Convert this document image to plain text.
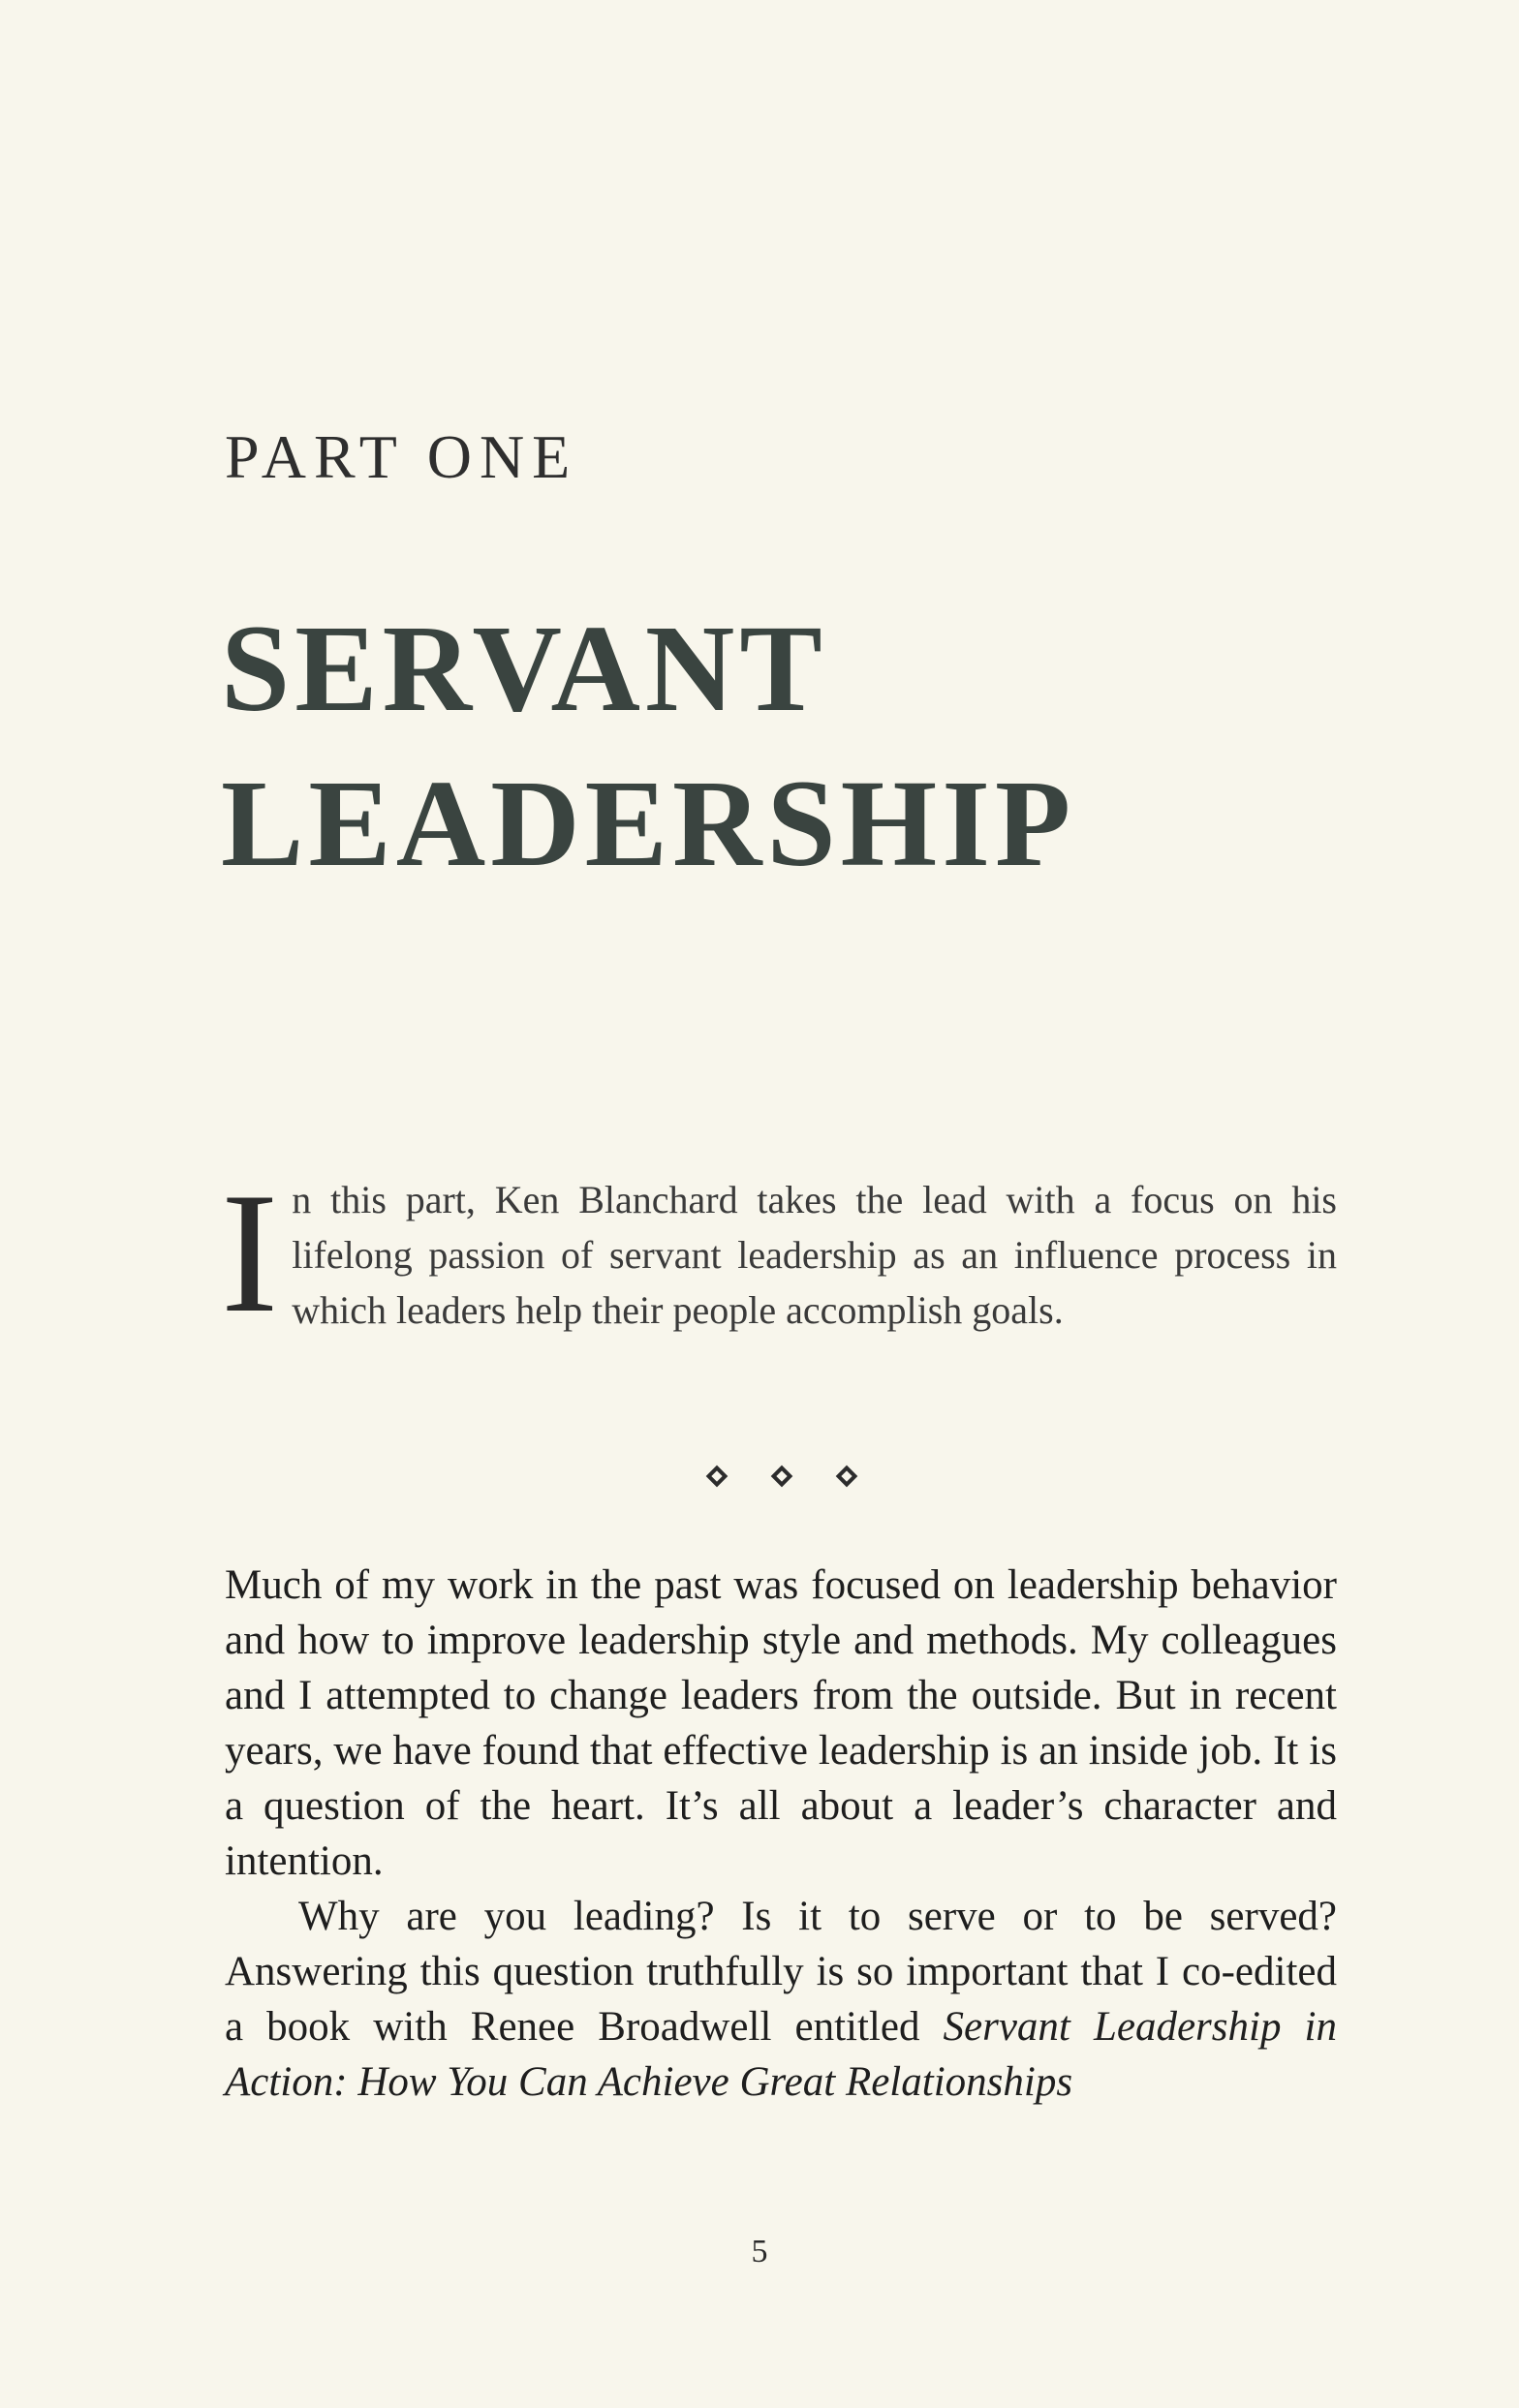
PART ONE
SERVANT
LEADERSHIP

In this part, Ken Blanchard takes the lead with a focus on his lifelong passion of servant leadership as an influence process in which leaders help their people accomplish goals.

Much of my work in the past was focused on leadership behavior and how to improve leadership style and methods. My colleagues and I attempted to change leaders from the outside. But in recent years, we have found that effective leadership is an inside job. It is a question of the heart. It’s all about a leader’s character and intention.

Why are you leading? Is it to serve or to be served? Answering this question truthfully is so important that I co-edited a book with Renee Broadwell entitled Servant Leadership in Action: How You Can Achieve Great Relationships

5
